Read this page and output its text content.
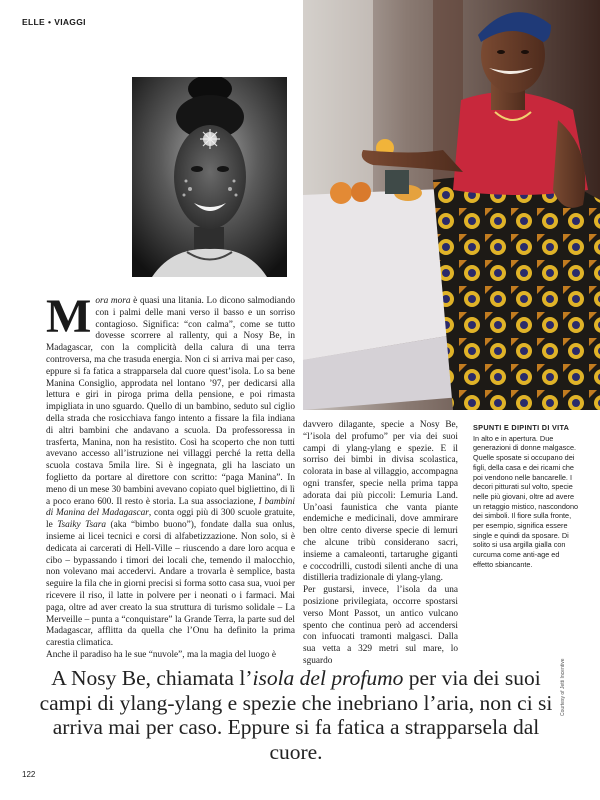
ELLE • VIAGGI

Mora mora è quasi una litania. Lo dicono salmodiando con i palmi delle mani verso il basso e un sorriso contagioso. Significa: “con calma”, come se tutto dovesse scorrere al rallenty, qui a Nosy Be, in Madagascar, con la complicità della calura di una terra controversa, ma che trasuda energia. Non ci si arriva mai per caso, eppure si fa fatica a strapparsela dal cuore quest’isola. Lo sa bene Manina Consiglio, approdata nel lontano ’97, per dedicarsi alla lettura e giri in piroga prima della pensione, e poi rimasta impigliata in uno sguardo. Quello di un bambino, seduto sul ciglio della strada che rosicchiava fango intento a fissare la fila indiana di altri bambini che andavano a scuola. Da professoressa in trasferta, Manina, non ha resistito. Così ha scoperto che non tutti avevano accesso all’istruzione nei villaggi perché la retta della scuola costava 5mila lire. Si è ingegnata, gli ha lasciato un foglietto da portare al direttore con scritto: “paga Manina”. In meno di un mese 30 bambini avevano copiato quel bigliettino, di lì a poco erano 600. Il resto è storia. La sua associazione, I bambini di Manina del Madagascar, conta oggi più di 300 scuole gratuite, le Tsaiky Tsara (aka “bimbo buono”), fondate dalla sua onlus, insieme ai licei tecnici e corsi di alfabetizzazione. Non solo, si è dedicata ai carcerati di Hell-Ville – riuscendo a dare loro acqua e cibo – bypassando i timori dei locali che, temendo il malocchio, non volevano mai accedervi. Andare a trovarla è semplice, basta seguire la fila che in giorni precisi si forma sotto casa sua, vuoi per ricevere il riso, il latte in polvere per i neonati o i farmaci. Mai paga, oltre ad aver creato la sua struttura di turismo solidale – La Merveille – punta a “conquistare” la Grande Terra, la parte sud del Madagascar, afflitta da quella che l’Onu ha definito la prima carestia climatica.

Anche il paradiso ha le sue “nuvole”, ma la magia del luogo è

davvero dilagante, specie a Nosy Be, “l’isola del profumo” per via dei suoi campi di ylang-ylang e spezie. E il sorriso dei bimbi in divisa scolastica, colorata in base al villaggio, accompagna ogni transfer, specie nella prima tappa adorata dai più piccoli: Lemuria Land. Un’oasi faunistica che vanta piante endemiche e medicinali, dove ammirare ben oltre cento diverse specie di lemuri che alcune tribù considerano sacri, insieme a camaleonti, tartarughe giganti e coccodrilli, custodi silenti anche di una distilleria tradizionale di ylang-ylang.

Per gustarsi, invece, l’isola da una posizione privilegiata, occorre spostarsi verso Mont Passot, un antico vulcano spento che continua però ad accendersi con infuocati tramonti malgasci. Dalla sua vetta a 329 metri sul mare, lo sguardo

SPUNTI E DIPINTI DI VITA
In alto e in apertura. Due generazioni di donne malgasce. Quelle sposate si occupano dei figli, della casa e dei ricami che poi vendono nelle bancarelle. I decori pitturati sul volto, specie nelle più giovani, oltre ad avere un retaggio mistico, nascondono dei simboli. Il fiore sulla fronte, per esempio, significa essere single e quindi da sposare. Di solito si usa argilla gialla con curcuma come anti-age ed effetto sbiancante.
A Nosy Be, chiamata l’isola del profumo per via dei suoi campi di ylang-ylang e spezie che inebriano l’aria, non ci si arriva mai per caso. Eppure si fa fatica a strapparsela dal cuore.
Courtesy of Jetti Incentive
122
